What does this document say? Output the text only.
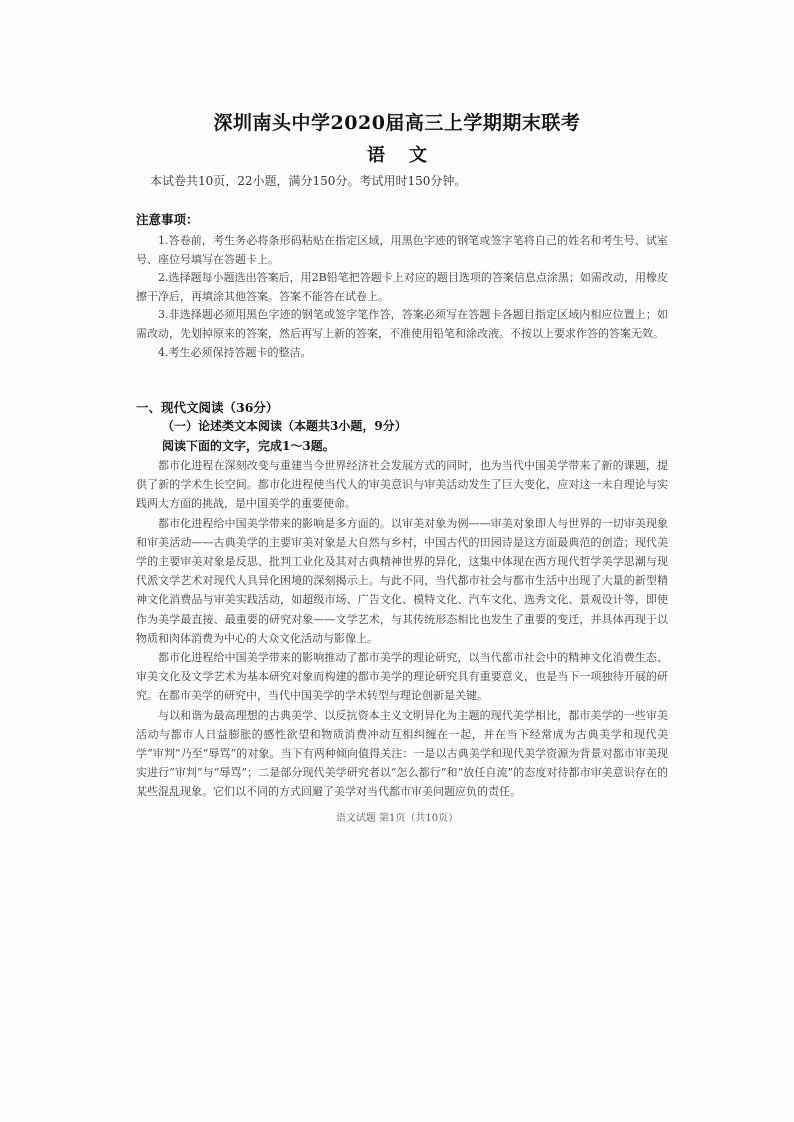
深圳南头中学2020届高三上学期期末联考
语文
本试卷共10页，22小题，满分150分。考试用时150分钟。
注意事项：

1.答卷前，考生务必将条形码粘贴在指定区域，用黑色字迹的钢笔或签字笔将自己的姓名和考生号、试室号、座位号填写在答题卡上。

2.选择题每小题选出答案后，用2B铅笔把答题卡上对应的题目选项的答案信息点涂黑；如需改动，用橡皮擦干净后，再填涂其他答案。答案不能答在试卷上。

3.非选择题必须用黑色字迹的钢笔或签字笔作答，答案必须写在答题卡各题目指定区域内相应位置上；如需改动，先划掉原来的答案，然后再写上新的答案，不准使用铅笔和涂改液。不按以上要求作答的答案无效。

4.考生必须保持答题卡的整洁。

一、现代文阅读（36分）
（一）论述类文本阅读（本题共3小题，9分）
阅读下面的文字，完成1～3题。

都市化进程在深刻改变与重建当今世界经济社会发展方式的同时，也为当代中国美学带来了新的课题，提供了新的学术生长空间。都市化进程使当代人的审美意识与审美活动发生了巨大变化，应对这一未自理论与实践两大方面的挑战，是中国美学的重要使命。

都市化进程给中国美学带来的影响是多方面的。以审美对象为例——审美对象即人与世界的一切审美现象和审美活动——古典美学的主要审美对象是大自然与乡村，中国古代的田园诗是这方面最典范的创造；现代美学的主要审美对象是反思、批判工业化及其对古典精神世界的异化，这集中体现在西方现代哲学美学思潮与现代派文学艺术对现代人具异化困境的深刻揭示上。与此不同，当代都市社会与都市生活中出现了大量的新型精神文化消费品与审美实践活动，如超级市场、广告文化、模特文化、汽车文化、选秀文化、景观设计等，即使作为美学最直接、最重要的研究对象——文学艺术，与其传统形态相比也发生了重要的变迁，并具体再现于以物质和肉体消费为中心的大众文化活动与影像上。

都市化进程给中国美学带来的影响推动了都市美学的理论研究，以当代都市社会中的精神文化消费生态、审美文化及文学艺术为基本研究对象而构建的都市美学的理论研究具有重要意义，也是当下一项独待开展的研究。在都市美学的研究中，当代中国美学的学术转型与理论创新是关键。

与以和谐为最高理想的古典美学、以反抗资本主义文明异化为主题的现代美学相比，都市美学的一些审美活动与都市人日益膨胀的感性欲望和物质消费冲动互相纠缠在一起，并在当下经常成为古典美学和现代美学“审判”乃至“辱骂”的对象。当下有两种倾向值得关注：一是以古典美学和现代美学资源为背景对都市审美现实进行“审判”与“辱骂”；二是部分现代美学研究者以“怎么都行”和“放任自流”的态度对待都市审美意识存在的某些混乱现象。它们以不同的方式回避了美学对当代都市审美问题应负的责任。

语文试题 第1页（共10页）
